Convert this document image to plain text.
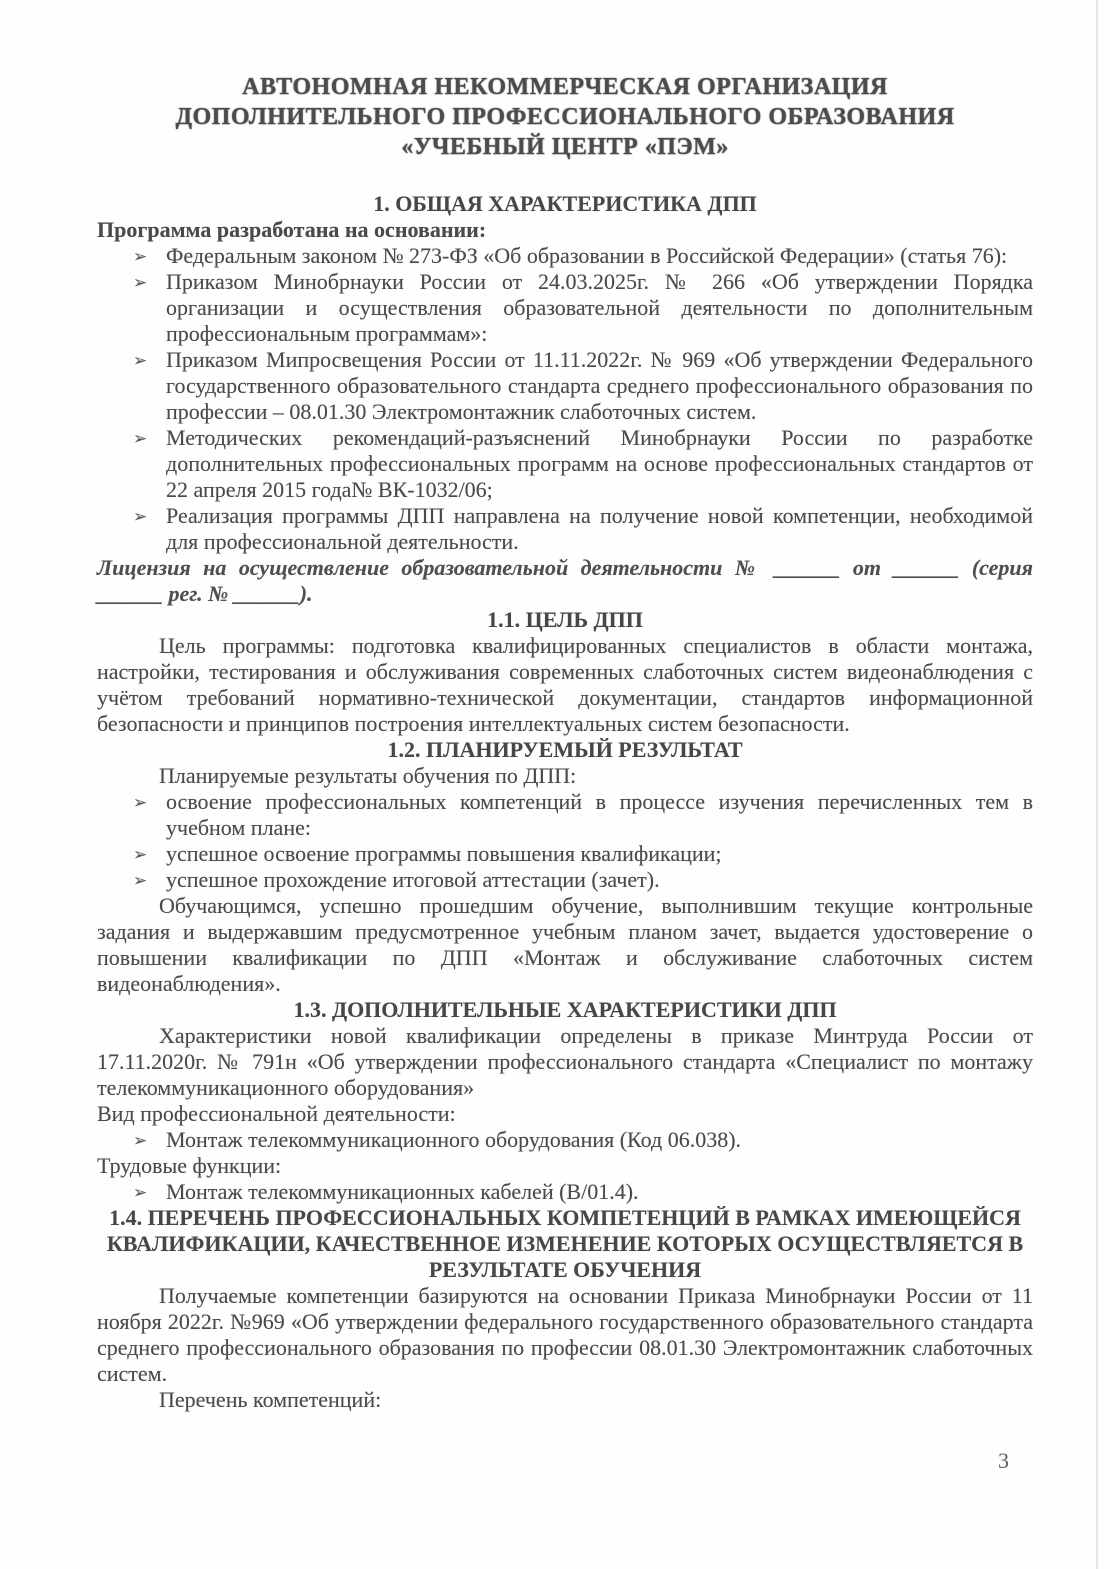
АВТОНОМНАЯ НЕКОММЕРЧЕСКАЯ ОРГАНИЗАЦИЯ
ДОПОЛНИТЕЛЬНОГО ПРОФЕССИОНАЛЬНОГО ОБРАЗОВАНИЯ
«УЧЕБНЫЙ ЦЕНТР «ПЭМ»
1. ОБЩАЯ ХАРАКТЕРИСТИКА ДПП

Программа разработана на основании:

➢ Федеральным законом № 273-ФЗ «Об образовании в Российской Федерации» (статья 76):
➢ Приказом Минобрнауки России от 24.03.2025г. № 266 «Об утверждении Порядка организации и осуществления образовательной деятельности по дополнительным профессиональным программам»:
➢ Приказом Мипросвещения России от 11.11.2022г. № 969 «Об утверждении Федерального государственного образовательного стандарта среднего профессионального образования по профессии – 08.01.30 Электромонтажник слаботочных систем.
➢ Методических рекомендаций-разъяснений Минобрнауки России по разработке дополнительных профессиональных программ на основе профессиональных стандартов от 22 апреля 2015 года№ ВК-1032/06;
➢ Реализация программы ДПП направлена на получение новой компетенции, необходимой для профессиональной деятельности.

Лицензия на осуществление образовательной деятельности № ______ от ______ (серия ______ рег. № ______).

1.1. ЦЕЛЬ ДПП

Цель программы: подготовка квалифицированных специалистов в области монтажа, настройки, тестирования и обслуживания современных слаботочных систем видеонаблюдения с учётом требований нормативно-технической документации, стандартов информационной безопасности и принципов построения интеллектуальных систем безопасности.

1.2. ПЛАНИРУЕМЫЙ РЕЗУЛЬТАТ

Планируемые результаты обучения по ДПП:

➢ освоение профессиональных компетенций в процессе изучения перечисленных тем в учебном плане:
➢ успешное освоение программы повышения квалификации;
➢ успешное прохождение итоговой аттестации (зачет).

Обучающимся, успешно прошедшим обучение, выполнившим текущие контрольные задания и выдержавшим предусмотренное учебным планом зачет, выдается удостоверение о повышении квалификации по ДПП «Монтаж и обслуживание слаботочных систем видеонаблюдения».

1.3. ДОПОЛНИТЕЛЬНЫЕ ХАРАКТЕРИСТИКИ ДПП

Характеристики новой квалификации определены в приказе Минтруда России от 17.11.2020г. № 791н «Об утверждении профессионального стандарта «Специалист по монтажу телекоммуникационного оборудования»

Вид профессиональной деятельности:

➢ Монтаж телекоммуникационного оборудования (Код 06.038).

Трудовые функции:

➢ Монтаж телекоммуникационных кабелей (В/01.4).
1.4. ПЕРЕЧЕНЬ ПРОФЕССИОНАЛЬНЫХ КОМПЕТЕНЦИЙ В РАМКАХ ИМЕЮЩЕЙСЯ КВАЛИФИКАЦИИ, КАЧЕСТВЕННОЕ ИЗМЕНЕНИЕ КОТОРЫХ ОСУЩЕСТВЛЯЕТСЯ В РЕЗУЛЬТАТЕ ОБУЧЕНИЯ

Получаемые компетенции базируются на основании Приказа Минобрнауки России от 11 ноября 2022г. №969 «Об утверждении федерального государственного образовательного стандарта среднего профессионального образования по профессии 08.01.30 Электромонтажник слаботочных систем.

Перечень компетенций:

3
